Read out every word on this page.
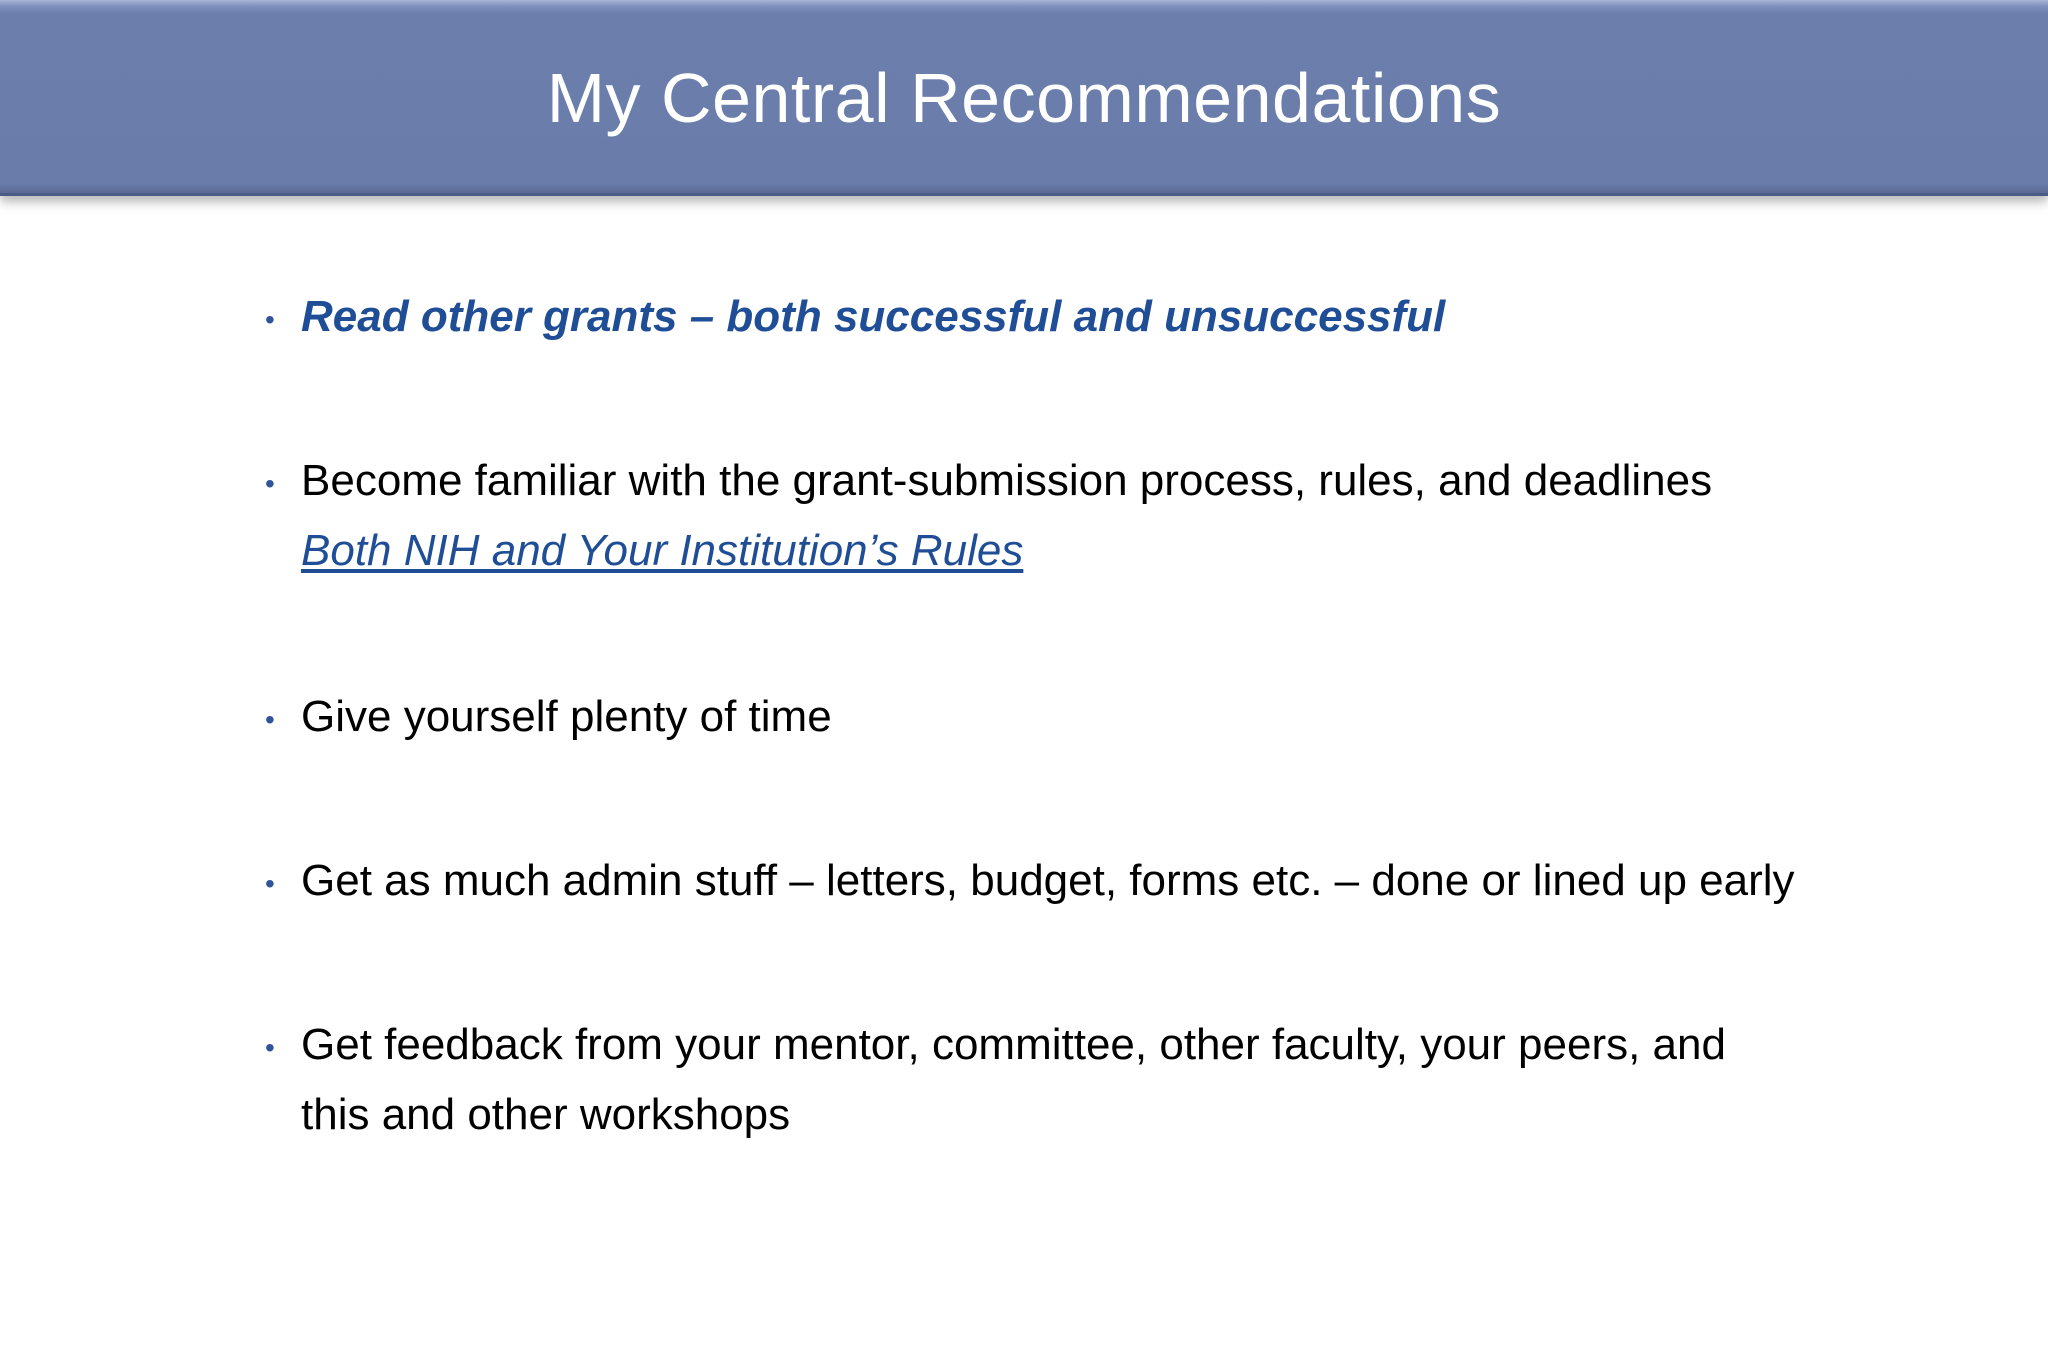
My Central Recommendations
• Read other grants – both successful and unsuccessful
• Become familiar with the grant-submission process, rules, and deadlines
Both NIH and Your Institution’s Rules
• Give yourself plenty of time
• Get as much admin stuff – letters, budget, forms etc. – done or lined up early
• Get feedback from your mentor, committee, other faculty, your peers, and
this and other workshops
